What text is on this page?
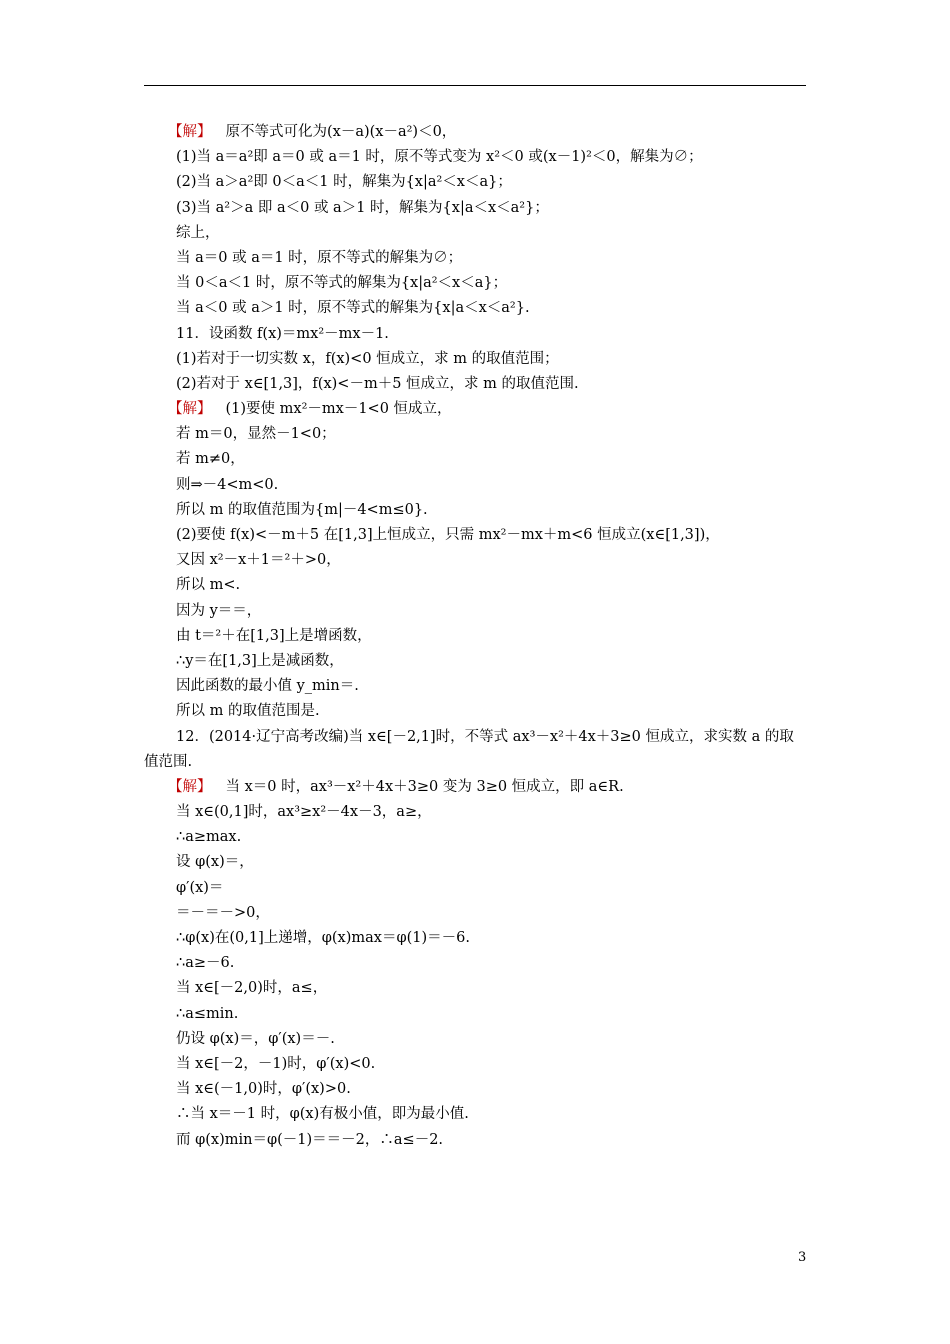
【解】 原不等式可化为(x－a)(x－a²)＜0，
(1)当 a＝a²即 a＝0 或 a＝1 时，原不等式变为 x²＜0 或(x－1)²＜0，解集为∅；
(2)当 a＞a²即 0＜a＜1 时，解集为{x|a²＜x＜a}；
(3)当 a²＞a 即 a＜0 或 a＞1 时，解集为{x|a＜x＜a²}；
综上，
当 a＝0 或 a＝1 时，原不等式的解集为∅；
当 0＜a＜1 时，原不等式的解集为{x|a²＜x＜a}；
当 a＜0 或 a＞1 时，原不等式的解集为{x|a＜x＜a²}.
11．设函数 f(x)＝mx²－mx－1.
(1)若对于一切实数 x，f(x)<0 恒成立，求 m 的取值范围；
(2)若对于 x∈[1,3]，f(x)<－m＋5 恒成立，求 m 的取值范围.
【解】 (1)要使 mx²－mx－1<0 恒成立，
若 m＝0，显然－1<0；
若 m≠0，
则⇒－4<m<0.
所以 m 的取值范围为{m|－4<m≤0}.
(2)要使 f(x)<－m＋5 在[1,3]上恒成立，只需 mx²－mx＋m<6 恒成立(x∈[1,3])，
又因 x²－x＋1＝²＋>0，
所以 m<.
因为 y＝＝，
由 t＝²＋在[1,3]上是增函数，
∴y＝在[1,3]上是减函数，
因此函数的最小值 y_min＝.
所以 m 的取值范围是.
12．(2014·辽宁高考改编)当 x∈[－2,1]时，不等式 ax³－x²＋4x＋3≥0 恒成立，求实数 a 的取值范围.
【解】 当 x＝0 时，ax³－x²＋4x＋3≥0 变为 3≥0 恒成立，即 a∈R.
当 x∈(0,1]时，ax³≥x²－4x－3，a≥，
∴a≥max.
设 φ(x)＝，
φ′(x)＝
＝－＝－>0，
∴φ(x)在(0,1]上递增，φ(x)max＝φ(1)＝－6.
∴a≥－6.
当 x∈[－2,0)时，a≤，
∴a≤min.
仍设 φ(x)＝，φ′(x)＝－.
当 x∈[－2，－1)时，φ′(x)<0.
当 x∈(－1,0)时，φ′(x)>0.
∴当 x＝－1 时，φ(x)有极小值，即为最小值.
而 φ(x)min＝φ(－1)＝＝－2，∴a≤－2.
3
